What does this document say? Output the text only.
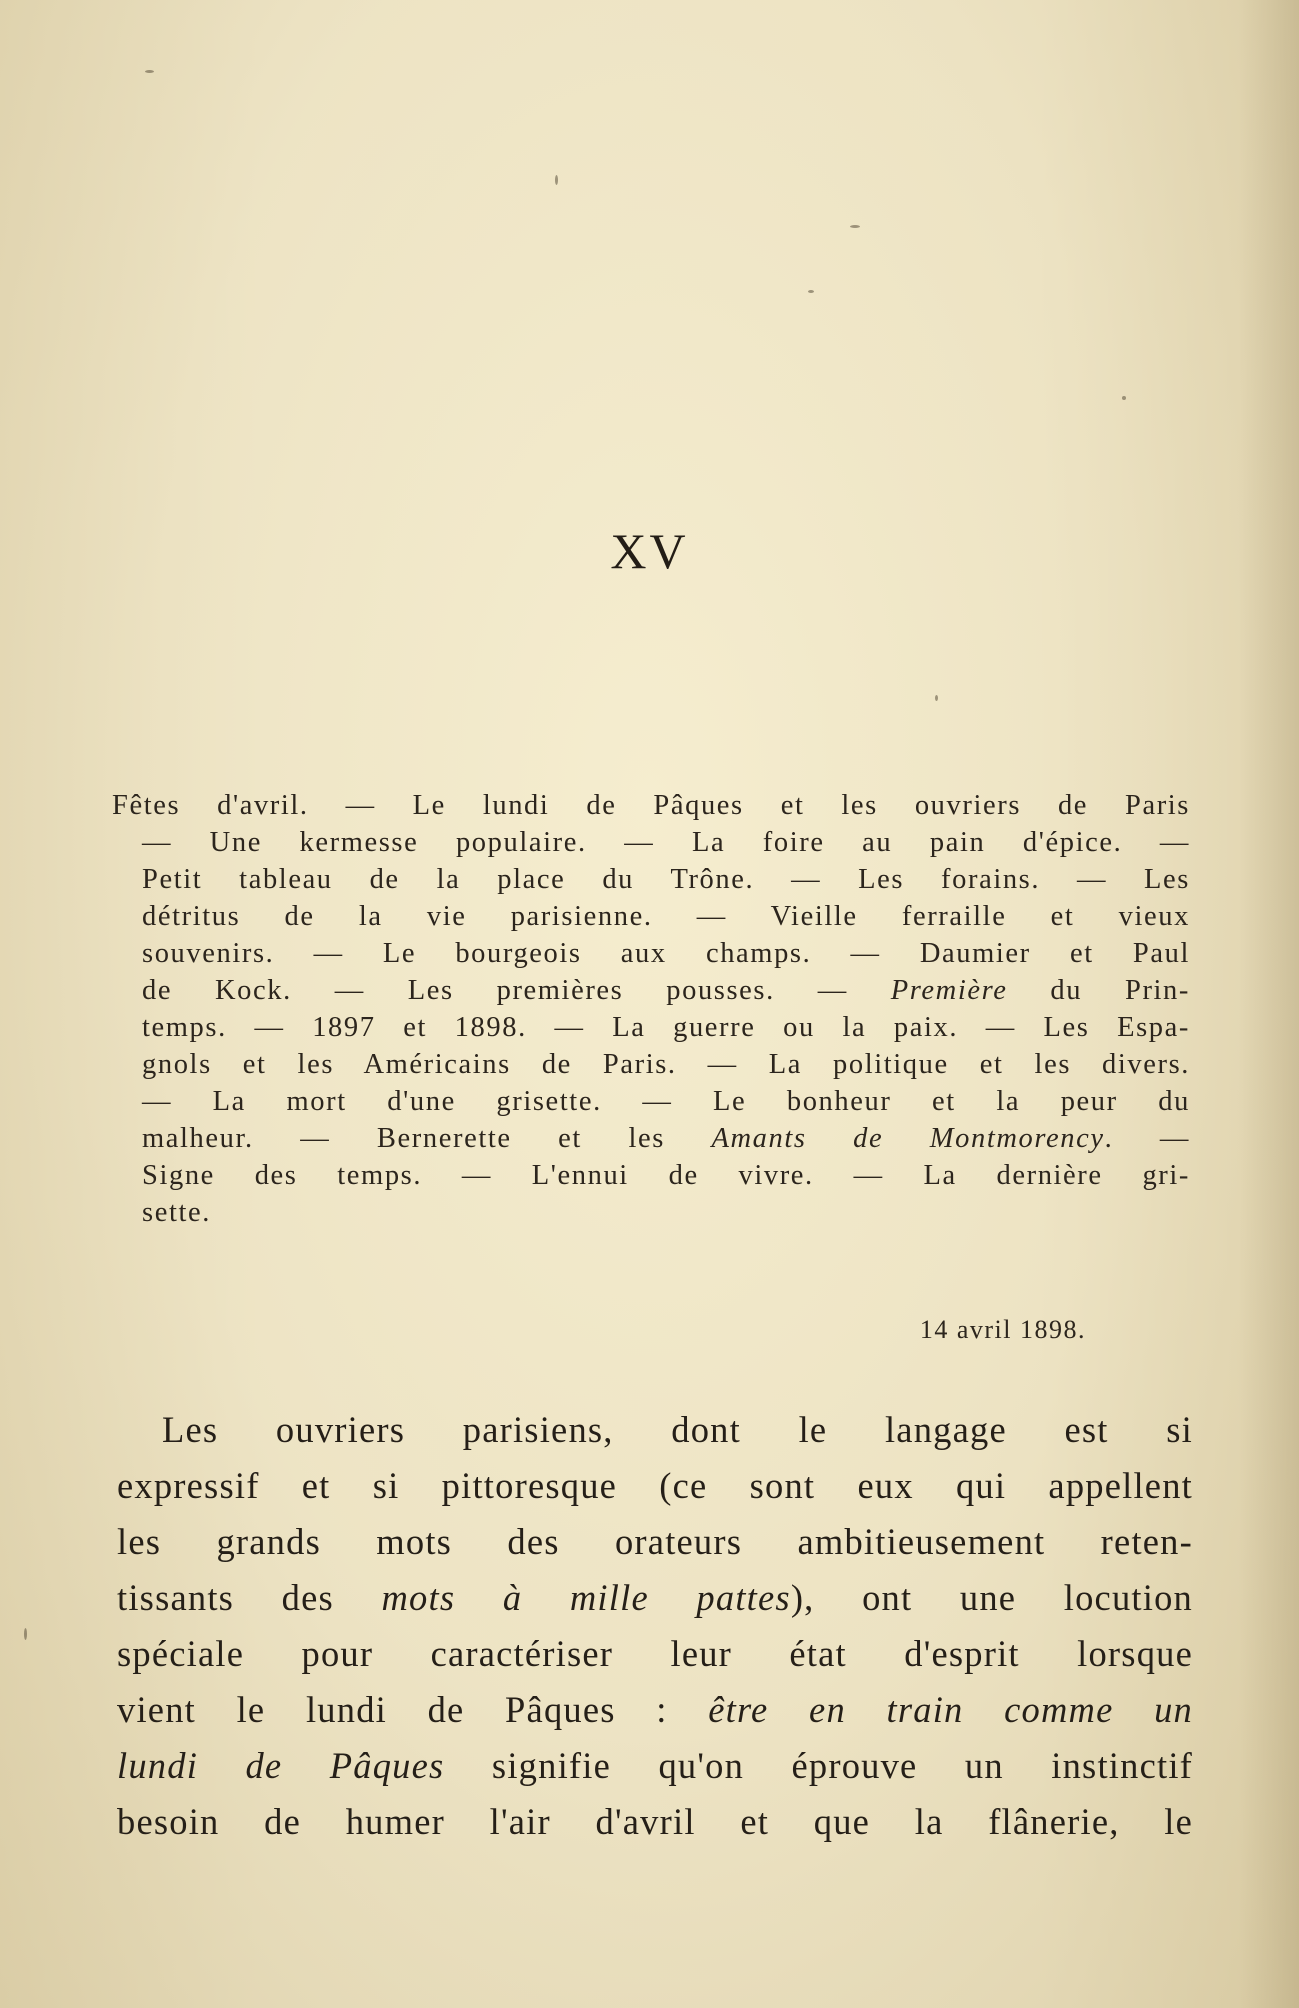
XV
Fêtes d'avril. — Le lundi de Pâques et les ouvriers de Paris
— Une kermesse populaire. — La foire au pain d'épice. —
Petit tableau de la place du Trône. — Les forains. — Les
détritus de la vie parisienne. — Vieille ferraille et vieux
souvenirs. — Le bourgeois aux champs. — Daumier et Paul
de Kock. — Les premières pousses. — Première du Prin-
temps. — 1897 et 1898. — La guerre ou la paix. — Les Espa-
gnols et les Américains de Paris. — La politique et les divers.
— La mort d'une grisette. — Le bonheur et la peur du
malheur. — Bernerette et les Amants de Montmorency. —
Signe des temps. — L'ennui de vivre. — La dernière gri-
sette.
14 avril 1898.
Les ouvriers parisiens, dont le langage est si
expressif et si pittoresque (ce sont eux qui appellent
les grands mots des orateurs ambitieusement reten-
tissants des mots à mille pattes), ont une locution
spéciale pour caractériser leur état d'esprit lorsque
vient le lundi de Pâques : être en train comme un
lundi de Pâques signifie qu'on éprouve un instinctif
besoin de humer l'air d'avril et que la flânerie, le
